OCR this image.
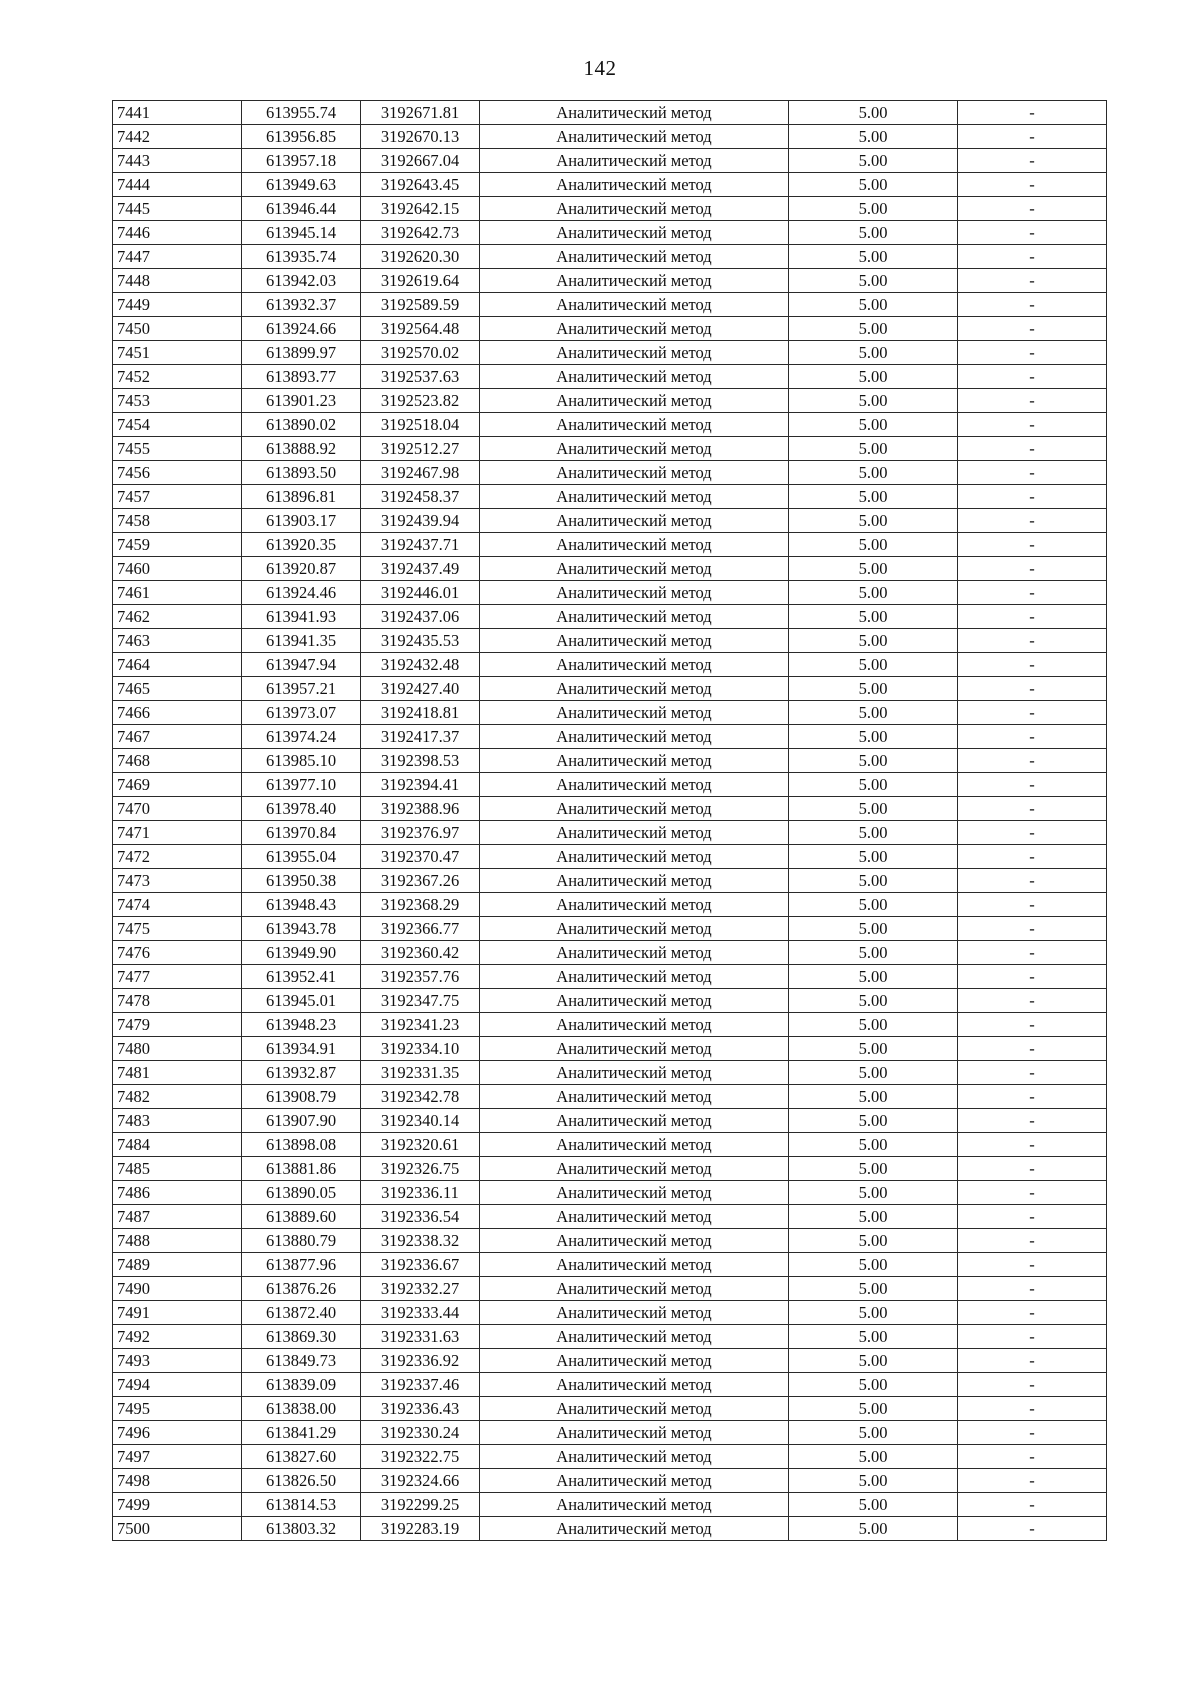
142
7441	613955.74	3192671.81	Аналитический метод	5.00	-
7442	613956.85	3192670.13	Аналитический метод	5.00	-
7443	613957.18	3192667.04	Аналитический метод	5.00	-
7444	613949.63	3192643.45	Аналитический метод	5.00	-
7445	613946.44	3192642.15	Аналитический метод	5.00	-
7446	613945.14	3192642.73	Аналитический метод	5.00	-
7447	613935.74	3192620.30	Аналитический метод	5.00	-
7448	613942.03	3192619.64	Аналитический метод	5.00	-
7449	613932.37	3192589.59	Аналитический метод	5.00	-
7450	613924.66	3192564.48	Аналитический метод	5.00	-
7451	613899.97	3192570.02	Аналитический метод	5.00	-
7452	613893.77	3192537.63	Аналитический метод	5.00	-
7453	613901.23	3192523.82	Аналитический метод	5.00	-
7454	613890.02	3192518.04	Аналитический метод	5.00	-
7455	613888.92	3192512.27	Аналитический метод	5.00	-
7456	613893.50	3192467.98	Аналитический метод	5.00	-
7457	613896.81	3192458.37	Аналитический метод	5.00	-
7458	613903.17	3192439.94	Аналитический метод	5.00	-
7459	613920.35	3192437.71	Аналитический метод	5.00	-
7460	613920.87	3192437.49	Аналитический метод	5.00	-
7461	613924.46	3192446.01	Аналитический метод	5.00	-
7462	613941.93	3192437.06	Аналитический метод	5.00	-
7463	613941.35	3192435.53	Аналитический метод	5.00	-
7464	613947.94	3192432.48	Аналитический метод	5.00	-
7465	613957.21	3192427.40	Аналитический метод	5.00	-
7466	613973.07	3192418.81	Аналитический метод	5.00	-
7467	613974.24	3192417.37	Аналитический метод	5.00	-
7468	613985.10	3192398.53	Аналитический метод	5.00	-
7469	613977.10	3192394.41	Аналитический метод	5.00	-
7470	613978.40	3192388.96	Аналитический метод	5.00	-
7471	613970.84	3192376.97	Аналитический метод	5.00	-
7472	613955.04	3192370.47	Аналитический метод	5.00	-
7473	613950.38	3192367.26	Аналитический метод	5.00	-
7474	613948.43	3192368.29	Аналитический метод	5.00	-
7475	613943.78	3192366.77	Аналитический метод	5.00	-
7476	613949.90	3192360.42	Аналитический метод	5.00	-
7477	613952.41	3192357.76	Аналитический метод	5.00	-
7478	613945.01	3192347.75	Аналитический метод	5.00	-
7479	613948.23	3192341.23	Аналитический метод	5.00	-
7480	613934.91	3192334.10	Аналитический метод	5.00	-
7481	613932.87	3192331.35	Аналитический метод	5.00	-
7482	613908.79	3192342.78	Аналитический метод	5.00	-
7483	613907.90	3192340.14	Аналитический метод	5.00	-
7484	613898.08	3192320.61	Аналитический метод	5.00	-
7485	613881.86	3192326.75	Аналитический метод	5.00	-
7486	613890.05	3192336.11	Аналитический метод	5.00	-
7487	613889.60	3192336.54	Аналитический метод	5.00	-
7488	613880.79	3192338.32	Аналитический метод	5.00	-
7489	613877.96	3192336.67	Аналитический метод	5.00	-
7490	613876.26	3192332.27	Аналитический метод	5.00	-
7491	613872.40	3192333.44	Аналитический метод	5.00	-
7492	613869.30	3192331.63	Аналитический метод	5.00	-
7493	613849.73	3192336.92	Аналитический метод	5.00	-
7494	613839.09	3192337.46	Аналитический метод	5.00	-
7495	613838.00	3192336.43	Аналитический метод	5.00	-
7496	613841.29	3192330.24	Аналитический метод	5.00	-
7497	613827.60	3192322.75	Аналитический метод	5.00	-
7498	613826.50	3192324.66	Аналитический метод	5.00	-
7499	613814.53	3192299.25	Аналитический метод	5.00	-
7500	613803.32	3192283.19	Аналитический метод	5.00	-
